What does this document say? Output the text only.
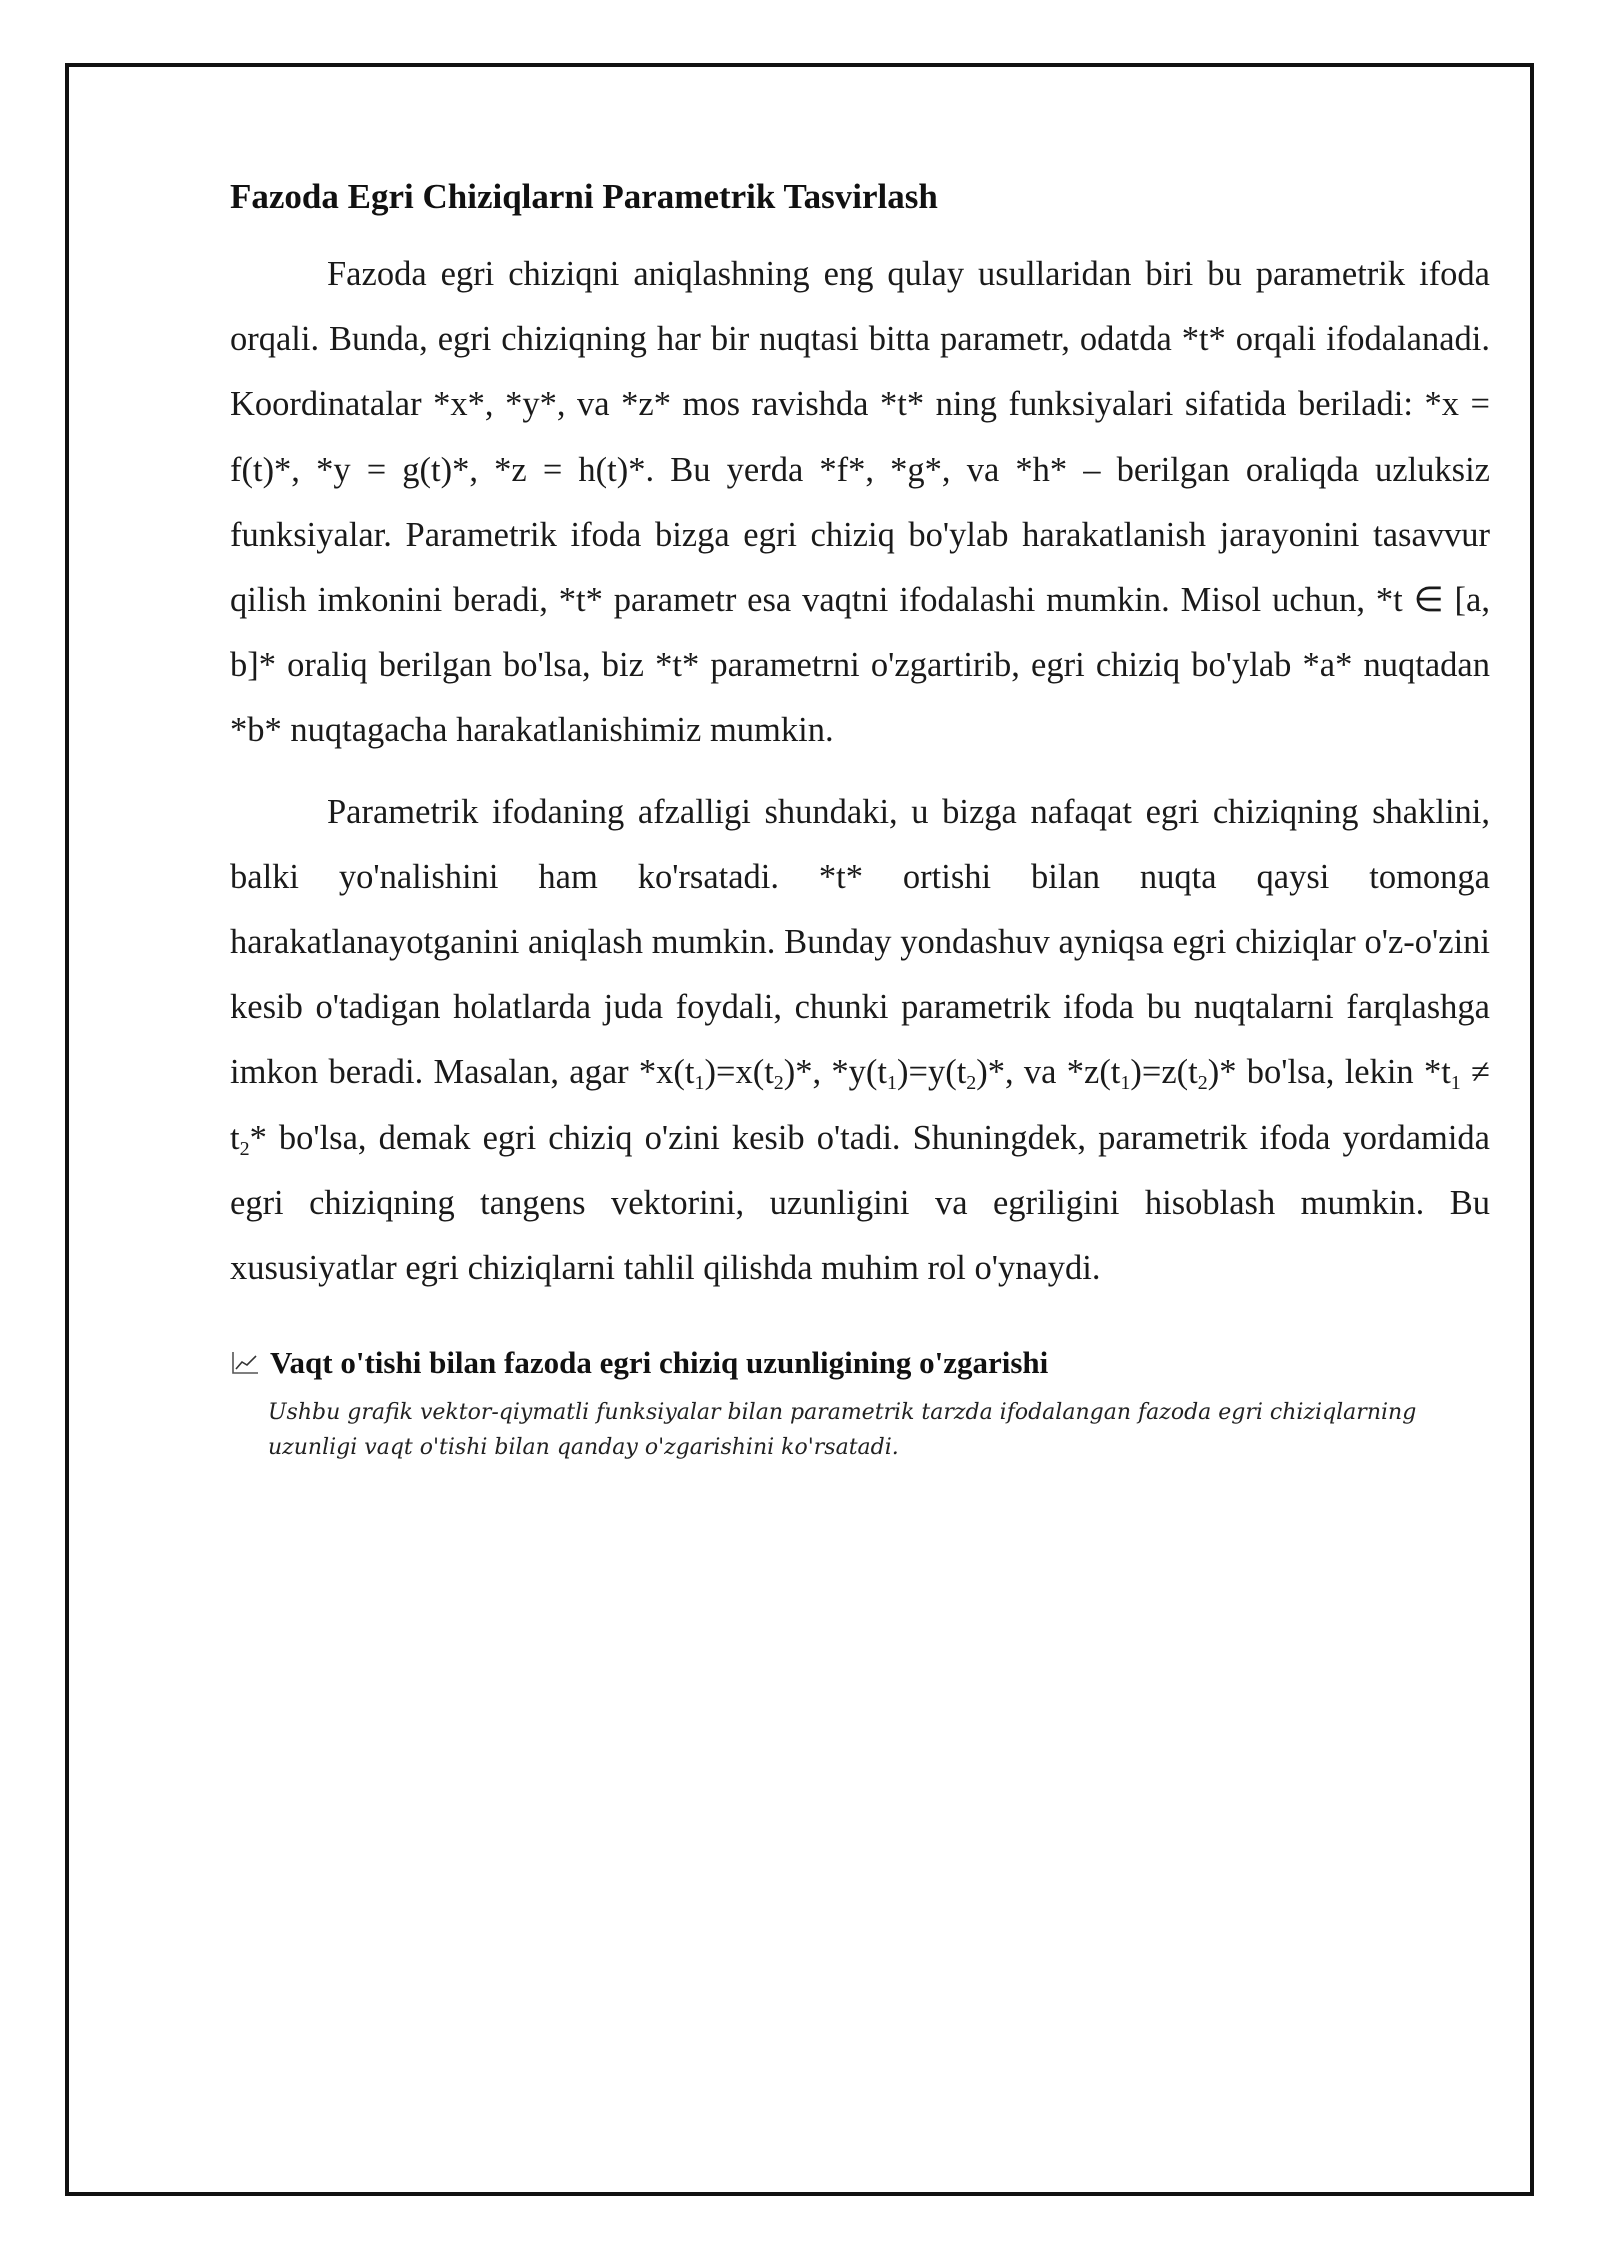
Fazoda Egri Chiziqlarni Parametrik Tasvirlash

Fazoda egri chiziqni aniqlashning eng qulay usullaridan biri bu parametrik ifoda orqali. Bunda, egri chiziqning har bir nuqtasi bitta parametr, odatda *t* orqali ifodalanadi. Koordinatalar *x*, *y*, va *z* mos ravishda *t* ning funksiyalari sifatida beriladi: *x = f(t)*, *y = g(t)*, *z = h(t)*. Bu yerda *f*, *g*, va *h* – berilgan oraliqda uzluksiz funksiyalar. Parametrik ifoda bizga egri chiziq bo'ylab harakatlanish jarayonini tasavvur qilish imkonini beradi, *t* parametr esa vaqtni ifodalashi mumkin. Misol uchun, *t ∈ [a, b]* oraliq berilgan bo'lsa, biz *t* parametrni o'zgartirib, egri chiziq bo'ylab *a* nuqtadan *b* nuqtagacha harakatlanishimiz mumkin.

Parametrik ifodaning afzalligi shundaki, u bizga nafaqat egri chiziqning shaklini, balki yo'nalishini ham ko'rsatadi. *t* ortishi bilan nuqta qaysi tomonga harakatlanayotganini aniqlash mumkin. Bunday yondashuv ayniqsa egri chiziqlar o'z-o'zini kesib o'tadigan holatlarda juda foydali, chunki parametrik ifoda bu nuqtalarni farqlashga imkon beradi. Masalan, agar $*x(t_1)=x(t_2)*$, $*y(t_1)=y(t_2)*$, va $*z(t_1)=z(t_2)*$ bo'lsa, lekin $*t_1 \ne t_2*$ bo'lsa, demak egri chiziq o'zini kesib o'tadi. Shuningdek, parametrik ifoda yordamida egri chiziqning tangens vektorini, uzunligini va egriligini hisoblash mumkin. Bu xususiyatlar egri chiziqlarni tahlil qilishda muhim rol o'ynaydi.

Vaqt o'tishi bilan fazoda egri chiziq uzunligining o'zgarishi

Ushbu grafik vektor-qiymatli funksiyalar bilan parametrik tarzda ifodalangan fazoda egri chiziqlarning uzunligi vaqt o'tishi bilan qanday o'zgarishini ko'rsatadi.
